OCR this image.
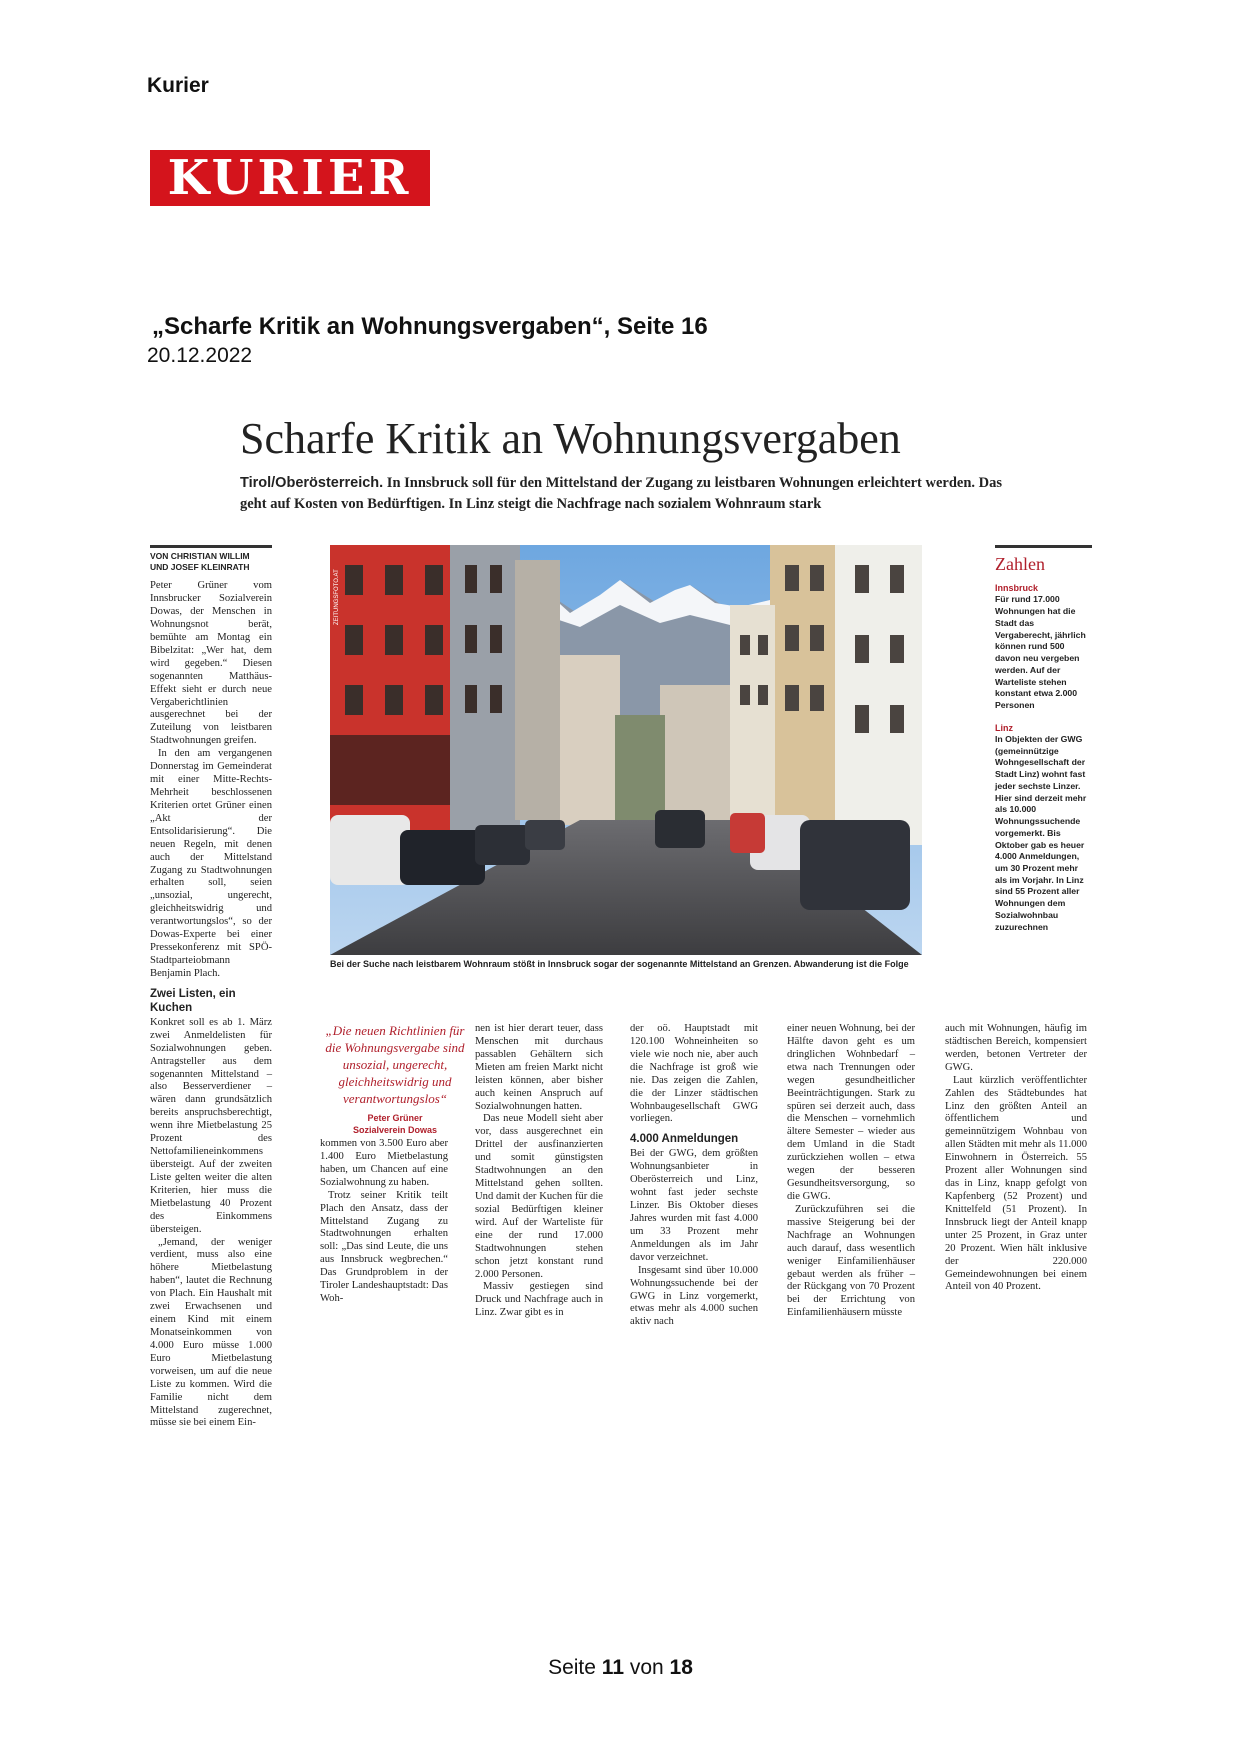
Kurier
KURIER
„Scharfe Kritik an Wohnungsvergaben“, Seite 16
20.12.2022
Scharfe Kritik an Wohnungsvergaben
Tirol/Oberösterreich. In Innsbruck soll für den Mittelstand der Zugang zu leistbaren Wohnungen erleichtert werden. Das geht auf Kosten von Bedürftigen. In Linz steigt die Nachfrage nach sozialem Wohnraum stark
VON CHRISTIAN WILLIM
UND JOSEF KLEINRATH

Peter Grüner vom Innsbrucker Sozialverein Dowas, der Menschen in Wohnungsnot berät, bemühte am Montag ein Bibelzitat: „Wer hat, dem wird gegeben.“ Diesen sogenannten Matthäus-Effekt sieht er durch neue Vergaberichtlinien ausgerechnet bei der Zuteilung von leistbaren Stadtwohnungen greifen.

In den am vergangenen Donnerstag im Gemeinderat mit einer Mitte-Rechts-Mehrheit beschlossenen Kriterien ortet Grüner einen „Akt der Entsolidarisierung“. Die neuen Regeln, mit denen auch der Mittelstand Zugang zu Stadtwohnungen erhalten soll, seien „unsozial, ungerecht, gleichheitswidrig und verantwortungslos“, so der Dowas-Experte bei einer Pressekonferenz mit SPÖ-Stadtparteiobmann Benjamin Plach.

Zwei Listen, ein Kuchen

Konkret soll es ab 1. März zwei Anmeldelisten für Sozialwohnungen geben. Antragsteller aus dem sogenannten Mittelstand – also Besserverdiener – wären dann grundsätzlich bereits anspruchsberechtigt, wenn ihre Mietbelastung 25 Prozent des Nettofamilieneinkommens übersteigt. Auf der zweiten Liste gelten weiter die alten Kriterien, hier muss die Mietbelastung 40 Prozent des Einkommens übersteigen.

„Jemand, der weniger verdient, muss also eine höhere Mietbelastung haben“, lautet die Rechnung von Plach. Ein Haushalt mit zwei Erwachsenen und einem Kind mit einem Monatseinkommen von 4.000 Euro müsse 1.000 Euro Mietbelastung vorweisen, um auf die neue Liste zu kommen. Wird die Familie nicht dem Mittelstand zugerechnet, müsse sie bei einem Ein-

ZEITUNGSFOTO.AT
Bei der Suche nach leistbarem Wohnraum stößt in Innsbruck sogar der sogenannte Mittelstand an Grenzen. Abwanderung ist die Folge
Zahlen
Innsbruck
Für rund 17.000 Wohnungen hat die Stadt das Vergaberecht, jährlich können rund 500 davon neu vergeben werden. Auf der Warteliste stehen konstant etwa 2.000 Personen
Linz
In Objekten der GWG (gemeinnützige Wohngesellschaft der Stadt Linz) wohnt fast jeder sechste Linzer. Hier sind derzeit mehr als 10.000 Wohnungssuchende vorgemerkt. Bis Oktober gab es heuer 4.000 Anmeldungen, um 30 Prozent mehr als im Vorjahr. In Linz sind 55 Prozent aller Wohnungen dem Sozialwohnbau zuzurechnen
„Die neuen Richtlinien für die Wohnungsvergabe sind unsozial, ungerecht, gleichheitswidrig und verantwortungslos“
Peter Grüner
Sozialverein Dowas

kommen von 3.500 Euro aber 1.400 Euro Mietbelastung haben, um Chancen auf eine Sozialwohnung zu haben.

Trotz seiner Kritik teilt Plach den Ansatz, dass der Mittelstand Zugang zu Stadtwohnungen erhalten soll: „Das sind Leute, die uns aus Innsbruck wegbrechen.“ Das Grundproblem in der Tiroler Landeshauptstadt: Das Woh-

nen ist hier derart teuer, dass Menschen mit durchaus passablen Gehältern sich Mieten am freien Markt nicht leisten können, aber bisher auch keinen Anspruch auf Sozialwohnungen hatten.

Das neue Modell sieht aber vor, dass ausgerechnet ein Drittel der ausfinanzierten und somit günstigsten Stadtwohnungen an den Mittelstand gehen sollten. Und damit der Kuchen für die sozial Bedürftigen kleiner wird. Auf der Warteliste für eine der rund 17.000 Stadtwohnungen stehen schon jetzt konstant rund 2.000 Personen.

Massiv gestiegen sind Druck und Nachfrage auch in Linz. Zwar gibt es in

der oö. Hauptstadt mit 120.100 Wohneinheiten so viele wie noch nie, aber auch die Nachfrage ist groß wie nie. Das zeigen die Zahlen, die der Linzer städtischen Wohnbaugesellschaft GWG vorliegen.

4.000 Anmeldungen

Bei der GWG, dem größten Wohnungsanbieter in Oberösterreich und Linz, wohnt fast jeder sechste Linzer. Bis Oktober dieses Jahres wurden mit fast 4.000 um 33 Prozent mehr Anmeldungen als im Jahr davor verzeichnet.

Insgesamt sind über 10.000 Wohnungssuchende bei der GWG in Linz vorgemerkt, etwas mehr als 4.000 suchen aktiv nach

einer neuen Wohnung, bei der Hälfte davon geht es um dringlichen Wohnbedarf – etwa nach Trennungen oder wegen gesundheitlicher Beeinträchtigungen. Stark zu spüren sei derzeit auch, dass die Menschen – vornehmlich ältere Semester – wieder aus dem Umland in die Stadt zurückziehen wollen – etwa wegen der besseren Gesundheitsversorgung, so die GWG.

Zurückzuführen sei die massive Steigerung bei der Nachfrage an Wohnungen auch darauf, dass wesentlich weniger Einfamilienhäuser gebaut werden als früher – der Rückgang von 70 Prozent bei der Errichtung von Einfamilienhäusern müsste

auch mit Wohnungen, häufig im städtischen Bereich, kompensiert werden, betonen Vertreter der GWG.

Laut kürzlich veröffentlichter Zahlen des Städtebundes hat Linz den größten Anteil an öffentlichem und gemeinnützigem Wohnbau von allen Städten mit mehr als 11.000 Einwohnern in Österreich. 55 Prozent aller Wohnungen sind das in Linz, knapp gefolgt von Kapfenberg (52 Prozent) und Knittelfeld (51 Prozent). In Innsbruck liegt der Anteil knapp unter 25 Prozent, in Graz unter 20 Prozent. Wien hält inklusive der 220.000 Gemeindewohnungen bei einem Anteil von 40 Prozent.

Seite 11 von 18
